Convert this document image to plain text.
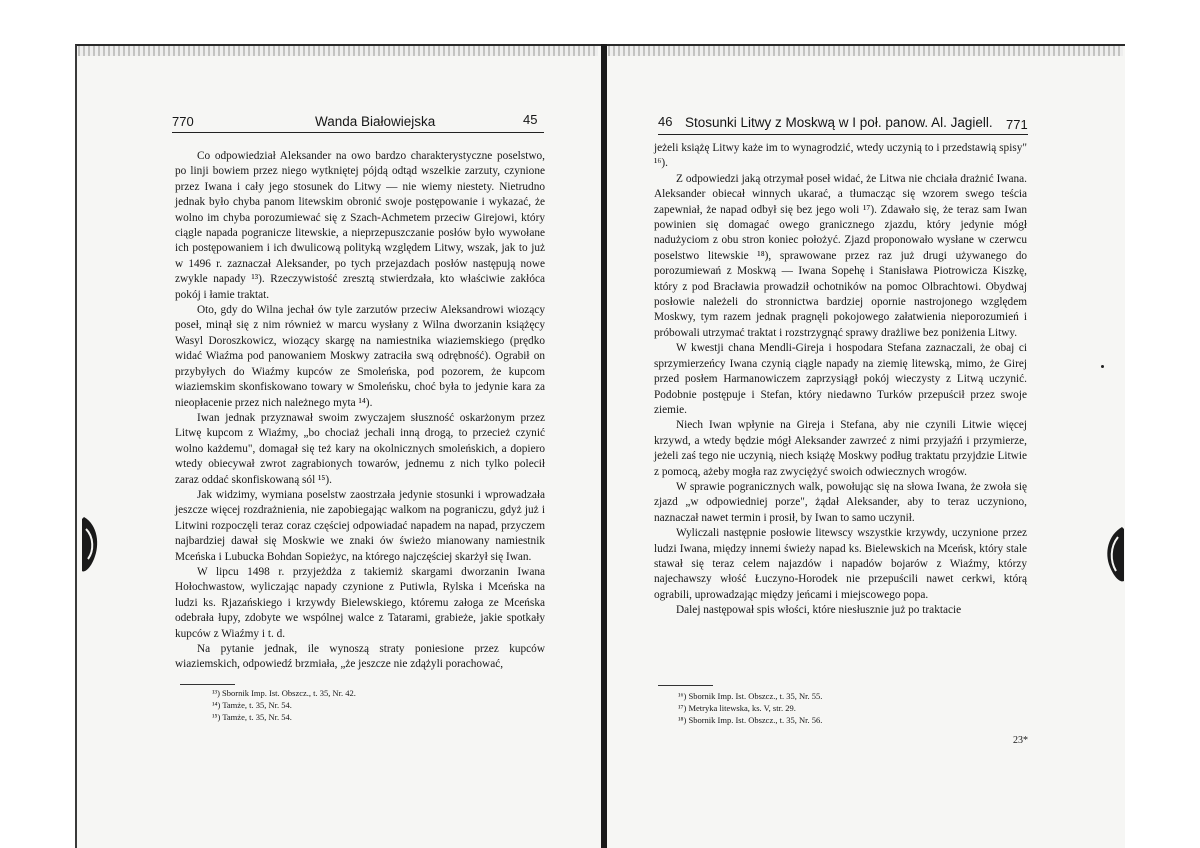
770	Wanda Białowiejska	45

Co odpowiedział Aleksander na owo bardzo charakterystyczne poselstwo, po linji bowiem przez niego wytkniętej pójdą odtąd wszelkie zarzuty, czynione przez Iwana i cały jego stosunek do Litwy — nie wiemy niestety. Nietrudno jednak było chyba panom litewskim obronić swoje postępowanie i wykazać, że wolno im chyba porozumiewać się z Szach-Achmetem przeciw Girejowi, który ciągle napada pogranicze litewskie, a nieprzepuszczanie posłów było wywołane ich postępowaniem i ich dwulicową polityką względem Litwy, wszak, jak to już w 1496 r. zaznaczał Aleksander, po tych przejazdach posłów następują nowe zwykle napady ¹³). Rzeczywistość zresztą stwierdzała, kto właściwie zakłóca pokój i łamie traktat.

Oto, gdy do Wilna jechał ów tyle zarzutów przeciw Aleksandrowi wiozący poseł, minął się z nim również w marcu wysłany z Wilna dworzanin książęcy Wasyl Doroszkowicz, wiozący skargę na namiestnika wiaziemskiego (prędko widać Wiaźma pod panowaniem Moskwy zatraciła swą odrębność). Ograbił on przybyłych do Wiaźmy kupców ze Smoleńska, pod pozorem, że kupcom wiaziemskim skonfiskowano towary w Smoleńsku, choć była to jedynie kara za nieopłacenie przez nich należnego myta ¹⁴).

Iwan jednak przyznawał swoim zwyczajem słuszność oskarżonym przez Litwę kupcom z Wiaźmy, „bo chociaż jechali inną drogą, to przecież czynić wolno każdemu", domagał się też kary na okolnicznych smoleńskich, a dopiero wtedy obiecywał zwrot zagrabionych towarów, jednemu z nich tylko polecił zaraz oddać skonfiskowaną sól ¹⁵).

Jak widzimy, wymiana poselstw zaostrzała jedynie stosunki i wprowadzała jeszcze więcej rozdrażnienia, nie zapobiegając walkom na pograniczu, gdyż już i Litwini rozpoczęli teraz coraz częściej odpowiadać napadem na napad, przyczem najbardziej dawał się Moskwie we znaki ów świeżo mianowany namiestnik Mceńska i Lubucka Bohdan Sopieżyc, na którego najczęściej skarżył się Iwan.

W lipcu 1498 r. przyjeżdża z takiemiż skargami dworzanin Iwana Hołochwastow, wyliczając napady czynione z Putiwla, Rylska i Mceńska na ludzi ks. Rjazańskiego i krzywdy Bielewskiego, któremu załoga ze Mceńska odebrała łupy, zdobyte we wspólnej walce z Tatarami, grabieże, jakie spotkały kupców z Wiaźmy i t. d.

Na pytanie jednak, ile wynoszą straty poniesione przez kupców wiaziemskich, odpowiedź brzmiała, „że jeszcze nie zdążyli porachować,

¹³) Sbornik Imp. Ist. Obszcz., t. 35, Nr. 42.
¹⁴) Tamże, t. 35, Nr. 54.
¹⁵) Tamże, t. 35, Nr. 54.
46 Stosunki Litwy z Moskwą w I poł. panow. Al. Jagiell. 771

jeżeli książę Litwy każe im to wynagrodzić, wtedy uczynią to i przedstawią spisy" ¹⁶).

Z odpowiedzi jaką otrzymał poseł widać, że Litwa nie chciała drażnić Iwana. Aleksander obiecał winnych ukarać, a tłumacząc się wzorem swego teścia zapewniał, że napad odbył się bez jego woli ¹⁷). Zdawało się, że teraz sam Iwan powinien się domagać owego granicznego zjazdu, który jedynie mógł nadużyciom z obu stron koniec położyć. Zjazd proponowało wysłane w czerwcu poselstwo litewskie ¹⁸), sprawowane przez raz już drugi używanego do porozumiewań z Moskwą — Iwana Sopehę i Stanisława Piotrowicza Kiszkę, który z pod Bracławia prowadził ochotników na pomoc Olbrachtowi. Obydwaj posłowie należeli do stronnictwa bardziej opornie nastrojonego względem Moskwy, tym razem jednak pragnęli pokojowego załatwienia nieporozumień i próbowali utrzymać traktat i rozstrzygnąć sprawy drażliwe bez poniżenia Litwy.

W kwestji chana Mendli-Gireja i hospodara Stefana zaznaczali, że obaj ci sprzymierzeńcy Iwana czynią ciągle napady na ziemię litewską, mimo, że Girej przed posłem Harmanowiczem zaprzysiągł pokój wieczysty z Litwą uczynić. Podobnie postępuje i Stefan, który niedawno Turków przepuścił przez swoje ziemie.

Niech Iwan wpłynie na Gireja i Stefana, aby nie czynili Litwie więcej krzywd, a wtedy będzie mógł Aleksander zawrzeć z nimi przyjaźń i przymierze, jeżeli zaś tego nie uczynią, niech książę Moskwy podług traktatu przyjdzie Litwie z pomocą, ażeby mogła raz zwyciężyć swoich odwiecznych wrogów.

W sprawie pogranicznych walk, powołując się na słowa Iwana, że zwoła się zjazd „w odpowiedniej porze", żądał Aleksander, aby to teraz uczyniono, naznaczał nawet termin i prosił, by Iwan to samo uczynił.

Wyliczali następnie posłowie litewscy wszystkie krzywdy, uczynione przez ludzi Iwana, między innemi świeży napad ks. Bielewskich na Mceńsk, który stale stawał się teraz celem najazdów i napadów bojarów z Wiaźmy, którzy najechawszy włość Łuczyno-Horodek nie przepuścili nawet cerkwi, którą ograbili, uprowadzając między jeńcami i miejscowego popa.

Dalej następował spis włości, które niesłusznie już po traktacie

¹⁶) Sbornik Imp. Ist. Obszcz., t. 35, Nr. 55.
¹⁷) Metryka litewska, ks. V, str. 29.
¹⁸) Sbornik Imp. Ist. Obszcz., t. 35, Nr. 56.
23*
